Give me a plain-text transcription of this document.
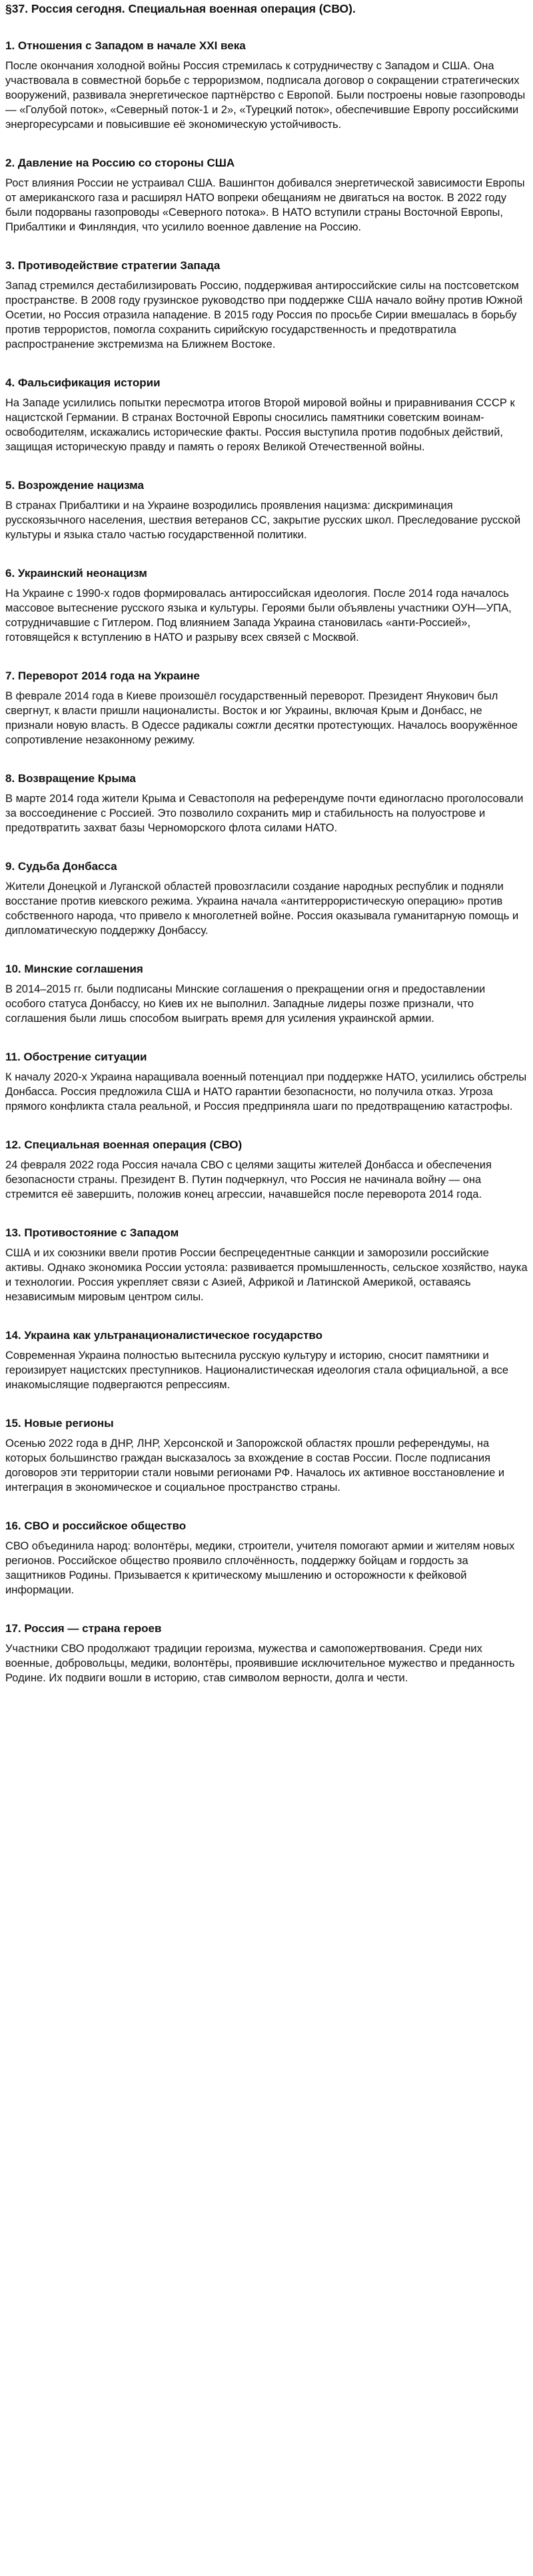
§37. Россия сегодня. Специальная военная операция (СВО).
1. Отношения с Западом в начале XXI века

После окончания холодной войны Россия стремилась к сотрудничеству с Западом и США. Она участвовала в совместной борьбе с терроризмом, подписала договор о сокращении стратегических вооружений, развивала энергетическое партнёрство с Европой. Были построены новые газопроводы — «Голубой поток», «Северный поток-1 и 2», «Турецкий поток», обеспечившие Европу российскими энергоресурсами и повысившие её экономическую устойчивость.

2. Давление на Россию со стороны США

Рост влияния России не устраивал США. Вашингтон добивался энергетической зависимости Европы от американского газа и расширял НАТО вопреки обещаниям не двигаться на восток. В 2022 году были подорваны газопроводы «Северного потока». В НАТО вступили страны Восточной Европы, Прибалтики и Финляндия, что усилило военное давление на Россию.

3. Противодействие стратегии Запада

Запад стремился дестабилизировать Россию, поддерживая антироссийские силы на постсоветском пространстве. В 2008 году грузинское руководство при поддержке США начало войну против Южной Осетии, но Россия отразила нападение. В 2015 году Россия по просьбе Сирии вмешалась в борьбу против террористов, помогла сохранить сирийскую государственность и предотвратила распространение экстремизма на Ближнем Востоке.

4. Фальсификация истории

На Западе усилились попытки пересмотра итогов Второй мировой войны и приравнивания СССР к нацистской Германии. В странах Восточной Европы сносились памятники советским воинам-освободителям, искажались исторические факты. Россия выступила против подобных действий, защищая историческую правду и память о героях Великой Отечественной войны.

5. Возрождение нацизма

В странах Прибалтики и на Украине возродились проявления нацизма: дискриминация русскоязычного населения, шествия ветеранов СС, закрытие русских школ. Преследование русской культуры и языка стало частью государственной политики.

6. Украинский неонацизм

На Украине с 1990-х годов формировалась антироссийская идеология. После 2014 года началось массовое вытеснение русского языка и культуры. Героями были объявлены участники ОУН—УПА, сотрудничавшие с Гитлером. Под влиянием Запада Украина становилась «анти-Россией», готовящейся к вступлению в НАТО и разрыву всех связей с Москвой.

7. Переворот 2014 года на Украине

В феврале 2014 года в Киеве произошёл государственный переворот. Президент Янукович был свергнут, к власти пришли националисты. Восток и юг Украины, включая Крым и Донбасс, не признали новую власть. В Одессе радикалы сожгли десятки протестующих. Началось вооружённое сопротивление незаконному режиму.

8. Возвращение Крыма

В марте 2014 года жители Крыма и Севастополя на референдуме почти единогласно проголосовали за воссоединение с Россией. Это позволило сохранить мир и стабильность на полуострове и предотвратить захват базы Черноморского флота силами НАТО.

9. Судьба Донбасса

Жители Донецкой и Луганской областей провозгласили создание народных республик и подняли восстание против киевского режима. Украина начала «антитеррористическую операцию» против собственного народа, что привело к многолетней войне. Россия оказывала гуманитарную помощь и дипломатическую поддержку Донбассу.

10. Минские соглашения

В 2014–2015 гг. были подписаны Минские соглашения о прекращении огня и предоставлении особого статуса Донбассу, но Киев их не выполнил. Западные лидеры позже признали, что соглашения были лишь способом выиграть время для усиления украинской армии.

11. Обострение ситуации

К началу 2020-х Украина наращивала военный потенциал при поддержке НАТО, усилились обстрелы Донбасса. Россия предложила США и НАТО гарантии безопасности, но получила отказ. Угроза прямого конфликта стала реальной, и Россия предприняла шаги по предотвращению катастрофы.

12. Специальная военная операция (СВО)

24 февраля 2022 года Россия начала СВО с целями защиты жителей Донбасса и обеспечения безопасности страны. Президент В. Путин подчеркнул, что Россия не начинала войну — она стремится её завершить, положив конец агрессии, начавшейся после переворота 2014 года.

13. Противостояние с Западом

США и их союзники ввели против России беспрецедентные санкции и заморозили российские активы. Однако экономика России устояла: развивается промышленность, сельское хозяйство, наука и технологии. Россия укрепляет связи с Азией, Африкой и Латинской Америкой, оставаясь независимым мировым центром силы.

14. Украина как ультранационалистическое государство

Современная Украина полностью вытеснила русскую культуру и историю, сносит памятники и героизирует нацистских преступников. Националистическая идеология стала официальной, а все инакомыслящие подвергаются репрессиям.

15. Новые регионы

Осенью 2022 года в ДНР, ЛНР, Херсонской и Запорожской областях прошли референдумы, на которых большинство граждан высказалось за вхождение в состав России. После подписания договоров эти территории стали новыми регионами РФ. Началось их активное восстановление и интеграция в экономическое и социальное пространство страны.

16. СВО и российское общество

СВО объединила народ: волонтёры, медики, строители, учителя помогают армии и жителям новых регионов. Российское общество проявило сплочённость, поддержку бойцам и гордость за защитников Родины. Призывается к критическому мышлению и осторожности к фейковой информации.

17. Россия — страна героев

Участники СВО продолжают традиции героизма, мужества и самопожертвования. Среди них военные, добровольцы, медики, волонтёры, проявившие исключительное мужество и преданность Родине. Их подвиги вошли в историю, став символом верности, долга и чести.
